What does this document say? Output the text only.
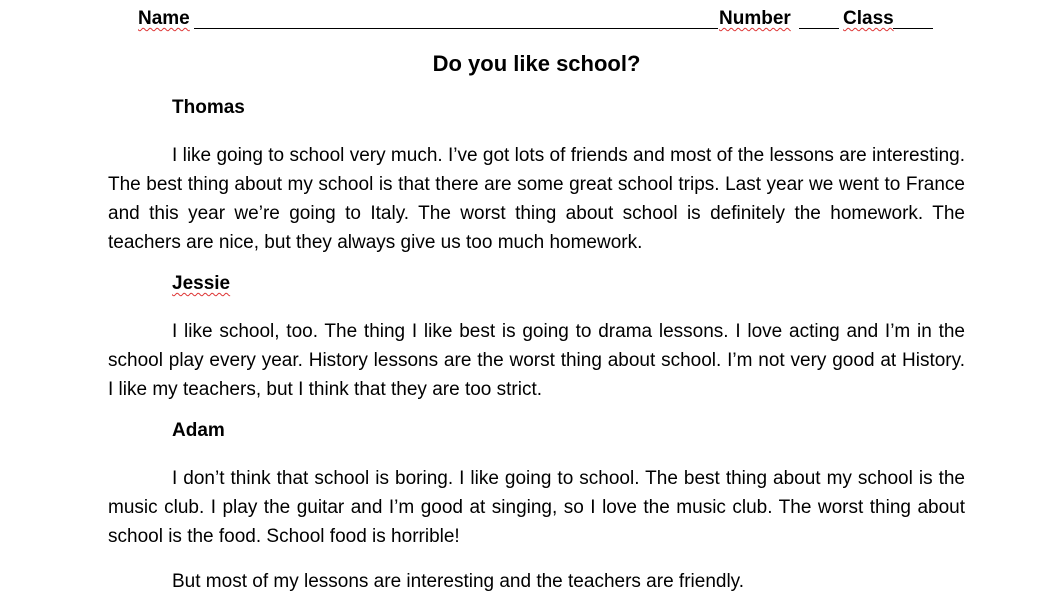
Name	Number	Class
Do you like school?
Thomas

I like going to school very much. I’ve got lots of friends and most of the lessons are interesting. The best thing about my school is that there are some great school trips. Last year we went to France and this year we’re going to Italy. The worst thing about school is definitely the homework. The teachers are nice, but they always give us too much homework.

Jessie

I like school, too. The thing I like best is going to drama lessons. I love acting and I’m in the school play every year. History lessons are the worst thing about school. I’m not very good at History. I like my teachers, but I think that they are too strict.

Adam

I don’t think that school is boring. I like going to school. The best thing about my school is the music club. I play the guitar and I’m good at singing, so I love the music club. The worst thing about school is the food. School food is horrible!

But most of my lessons are interesting and the teachers are friendly.
